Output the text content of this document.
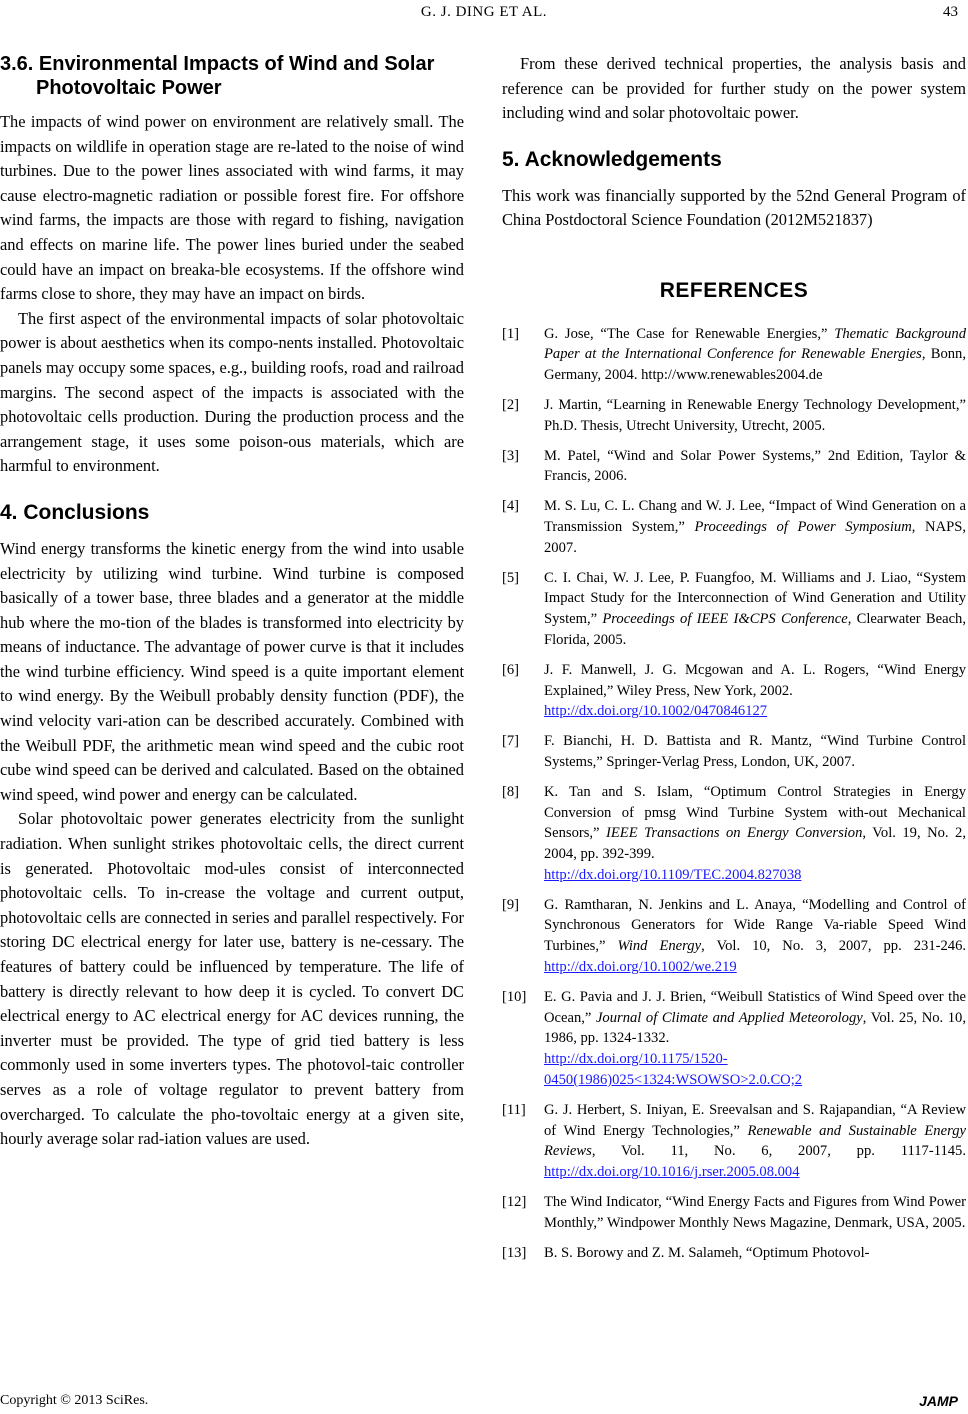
G. J. DING ET AL.	43
3.6. Environmental Impacts of Wind and Solar
Photovoltaic Power

The impacts of wind power on environment are relatively small. The impacts on wildlife in operation stage are re-lated to the noise of wind turbines. Due to the power lines associated with wind farms, it may cause electro-magnetic radiation or possible forest fire. For offshore wind farms, the impacts are those with regard to fishing, navigation and effects on marine life. The power lines buried under the seabed could have an impact on breaka-ble ecosystems. If the offshore wind farms close to shore, they may have an impact on birds.

The first aspect of the environmental impacts of solar photovoltaic power is about aesthetics when its compo-nents installed. Photovoltaic panels may occupy some spaces, e.g., building roofs, road and railroad margins. The second aspect of the impacts is associated with the photovoltaic cells production. During the production process and the arrangement stage, it uses some poison-ous materials, which are harmful to environment.

4. Conclusions

Wind energy transforms the kinetic energy from the wind into usable electricity by utilizing wind turbine. Wind turbine is composed basically of a tower base, three blades and a generator at the middle hub where the mo-tion of the blades is transformed into electricity by means of inductance. The advantage of power curve is that it includes the wind turbine efficiency. Wind speed is a quite important element to wind energy. By the Weibull probably density function (PDF), the wind velocity vari-ation can be described accurately. Combined with the Weibull PDF, the arithmetic mean wind speed and the cubic root cube wind speed can be derived and calculated. Based on the obtained wind speed, wind power and energy can be calculated.

Solar photovoltaic power generates electricity from the sunlight radiation. When sunlight strikes photovoltaic cells, the direct current is generated. Photovoltaic mod-ules consist of interconnected photovoltaic cells. To in-crease the voltage and current output, photovoltaic cells are connected in series and parallel respectively. For storing DC electrical energy for later use, battery is ne-cessary. The features of battery could be influenced by temperature. The life of battery is directly relevant to how deep it is cycled. To convert DC electrical energy to AC electrical energy for AC devices running, the inverter must be provided. The type of grid tied battery is less commonly used in some inverters types. The photovol-taic controller serves as a role of voltage regulator to prevent battery from overcharged. To calculate the pho-tovoltaic energy at a given site, hourly average solar rad-iation values are used.

From these derived technical properties, the analysis basis and reference can be provided for further study on the power system including wind and solar photovoltaic power.

5. Acknowledgements

This work was financially supported by the 52nd General Program of China Postdoctoral Science Foundation (2012M521837)

REFERENCES
[1] G. Jose, “The Case for Renewable Energies,” Thematic Background Paper at the International Conference for Renewable Energies, Bonn, Germany, 2004. http://www.renewables2004.de
[2] J. Martin, “Learning in Renewable Energy Technology Development,” Ph.D. Thesis, Utrecht University, Utrecht, 2005.
[3] M. Patel, “Wind and Solar Power Systems,” 2nd Edition, Taylor & Francis, 2006.
[4] M. S. Lu, C. L. Chang and W. J. Lee, “Impact of Wind Generation on a Transmission System,” Proceedings of Power Symposium, NAPS, 2007.
[5] C. I. Chai, W. J. Lee, P. Fuangfoo, M. Williams and J. Liao, “System Impact Study for the Interconnection of Wind Generation and Utility System,” Proceedings of IEEE I&CPS Conference, Clearwater Beach, Florida, 2005.
[6] J. F. Manwell, J. G. Mcgowan and A. L. Rogers, “Wind Energy Explained,” Wiley Press, New York, 2002.
http://dx.doi.org/10.1002/0470846127
[7] F. Bianchi, H. D. Battista and R. Mantz, “Wind Turbine Control Systems,” Springer-Verlag Press, London, UK, 2007.
[8] K. Tan and S. Islam, “Optimum Control Strategies in Energy Conversion of pmsg Wind Turbine System with-out Mechanical Sensors,” IEEE Transactions on Energy Conversion, Vol. 19, No. 2, 2004, pp. 392-399.
http://dx.doi.org/10.1109/TEC.2004.827038
[9] G. Ramtharan, N. Jenkins and L. Anaya, “Modelling and Control of Synchronous Generators for Wide Range Va-riable Speed Wind Turbines,” Wind Energy, Vol. 10, No. 3, 2007, pp. 231-246. http://dx.doi.org/10.1002/we.219
[10] E. G. Pavia and J. J. Brien, “Weibull Statistics of Wind Speed over the Ocean,” Journal of Climate and Applied Meteorology, Vol. 25, No. 10, 1986, pp. 1324-1332.
http://dx.doi.org/10.1175/1520-0450(1986)025<1324:WSOWSO>2.0.CO;2
[11] G. J. Herbert, S. Iniyan, E. Sreevalsan and S. Rajapandian, “A Review of Wind Energy Technologies,” Renewable and Sustainable Energy Reviews, Vol. 11, No. 6, 2007, pp. 1117-1145. http://dx.doi.org/10.1016/j.rser.2005.08.004
[12] The Wind Indicator, “Wind Energy Facts and Figures from Wind Power Monthly,” Windpower Monthly News Magazine, Denmark, USA, 2005.
[13] B. S. Borowy and Z. M. Salameh, “Optimum Photovol-
Copyright © 2013 SciRes.	JAMP
